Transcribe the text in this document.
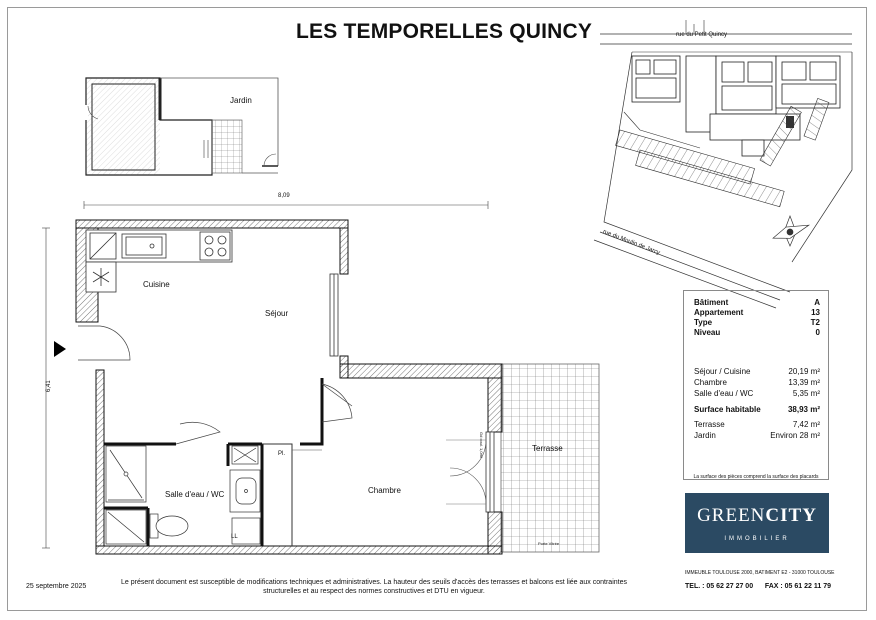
LES TEMPORELLES QUINCY
Jardin
8,09
6,41
Cuisine
Séjour
Salle d'eau / WC	Chambre
Terrasse
Pl.
LL
Porte Vitrée
Gd coul. 1,0ml
rue du Petit Quincy
rue du Moulin de Jarcy
Bâtiment	A
Appartement	13
Type	T2
Niveau	0
Séjour / Cuisine	20,19 m²
Chambre	13,39 m²
Salle d'eau / WC	5,35 m²
Surface habitable	38,93 m²
Terrasse	7,42 m²
Jardin	Environ 28 m²
La surface des pièces comprend la surface des placards
GREENCITY
IMMOBILIER
IMMEUBLE TOULOUSE 2000, BATIMENT E2 - 31000 TOULOUSE
TEL. : 05 62 27 27 00 FAX : 05 61 22 11 79
25 septembre 2025
Le présent document est susceptible de modifications techniques et administratives. La hauteur des seuils d'accès des terrasses et balcons est liée aux contraintes structurelles et au respect des normes constructives et DTU en vigueur.
